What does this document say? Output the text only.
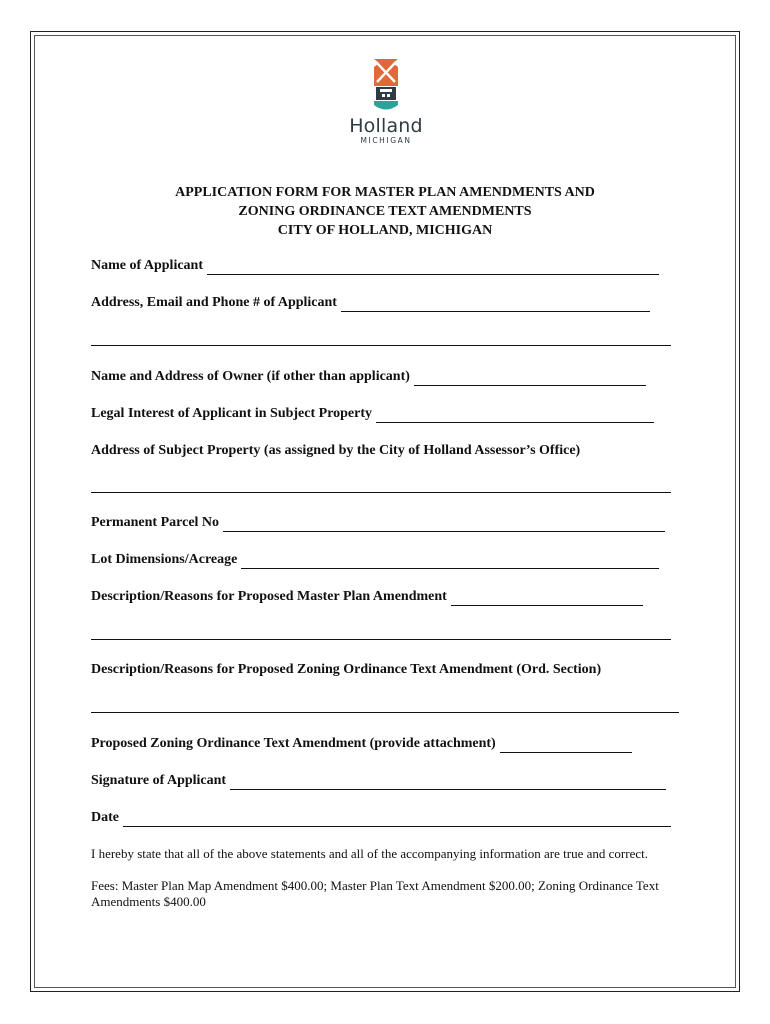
Holland
MICHIGAN
APPLICATION FORM FOR MASTER PLAN AMENDMENTS AND
ZONING ORDINANCE TEXT AMENDMENTS
CITY OF HOLLAND, MICHIGAN
Name of Applicant
Address, Email and Phone # of Applicant
Name and Address of Owner (if other than applicant)
Legal Interest of Applicant in Subject Property
Address of Subject Property (as assigned by the City of Holland Assessor’s Office)
Permanent Parcel No
Lot Dimensions/Acreage
Description/Reasons for Proposed Master Plan Amendment
Description/Reasons for Proposed Zoning Ordinance Text Amendment (Ord. Section)
Proposed Zoning Ordinance Text Amendment (provide attachment)
Signature of Applicant
Date
I hereby state that all of the above statements and all of the accompanying information are true and correct.
Fees: Master Plan Map Amendment $400.00; Master Plan Text Amendment $200.00; Zoning Ordinance Text Amendments $400.00
